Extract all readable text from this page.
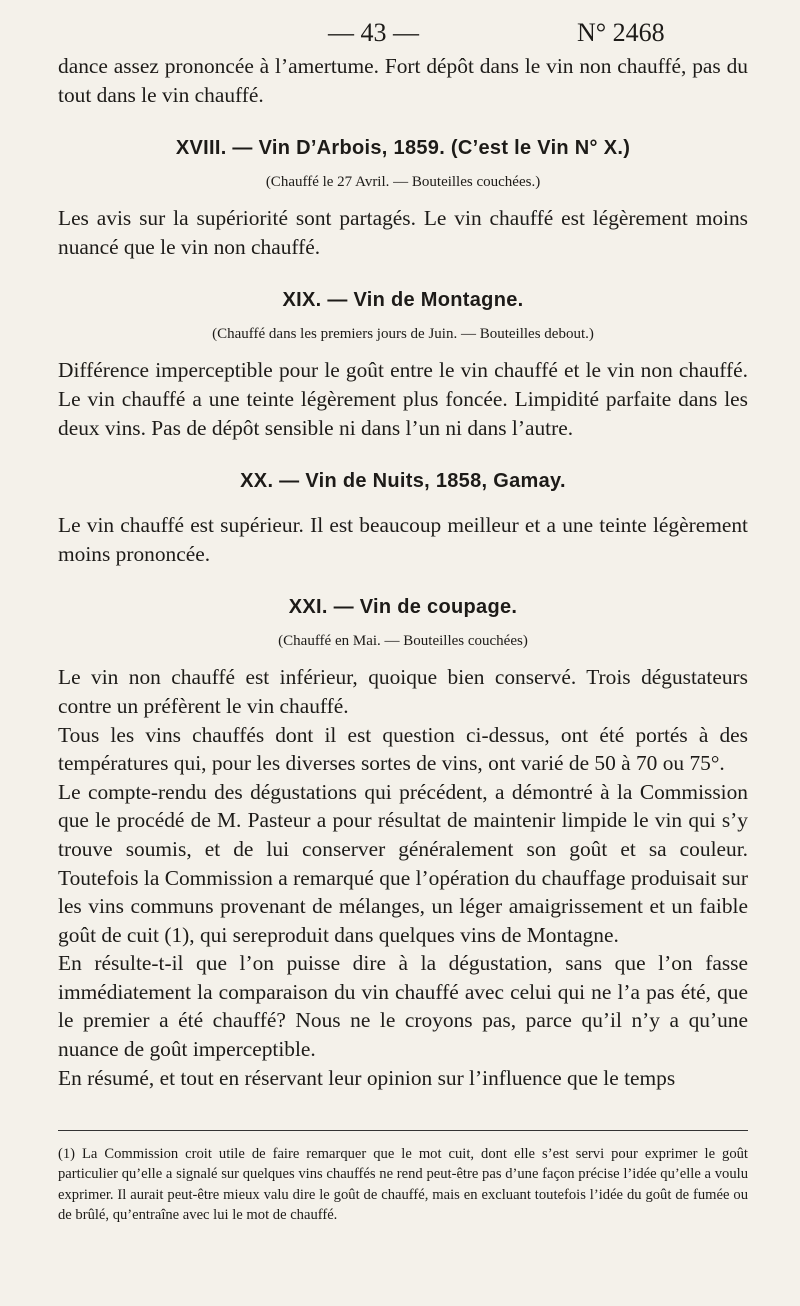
— 43 —	N° 2468

dance assez prononcée à l’amertume. Fort dépôt dans le vin non chauffé, pas du tout dans le vin chauffé.

XVIII. — Vin D’Arbois, 1859. (C’est le Vin N° X.)
(Chauffé le 27 Avril. — Bouteilles couchées.)

Les avis sur la supériorité sont partagés. Le vin chauffé est légèrement moins nuancé que le vin non chauffé.

XIX. — Vin de Montagne.
(Chauffé dans les premiers jours de Juin. — Bouteilles debout.)

Différence imperceptible pour le goût entre le vin chauffé et le vin non chauffé. Le vin chauffé a une teinte légèrement plus foncée. Limpidité parfaite dans les deux vins. Pas de dépôt sensible ni dans l’un ni dans l’autre.

XX. — Vin de Nuits, 1858, Gamay.

Le vin chauffé est supérieur. Il est beaucoup meilleur et a une teinte légèrement moins prononcée.

XXI. — Vin de coupage.
(Chauffé en Mai. — Bouteilles couchées)

Le vin non chauffé est inférieur, quoique bien conservé. Trois dégustateurs contre un préfèrent le vin chauffé.

Tous les vins chauffés dont il est question ci-dessus, ont été portés à des températures qui, pour les diverses sortes de vins, ont varié de 50 à 70 ou 75°.

Le compte-rendu des dégustations qui précédent, a démontré à la Commission que le procédé de M. Pasteur a pour résultat de maintenir limpide le vin qui s’y trouve soumis, et de lui conserver généralement son goût et sa couleur. Toutefois la Commission a remarqué que l’opération du chauffage produisait sur les vins communs provenant de mélanges, un léger amaigrissement et un faible goût de cuit (1), qui sereproduit dans quelques vins de Montagne.

En résulte-t-il que l’on puisse dire à la dégustation, sans que l’on fasse immédiatement la comparaison du vin chauffé avec celui qui ne l’a pas été, que le premier a été chauffé? Nous ne le croyons pas, parce qu’il n’y a qu’une nuance de goût imperceptible.

En résumé, et tout en réservant leur opinion sur l’influence que le temps

(1) La Commission croit utile de faire remarquer que le mot cuit, dont elle s’est servi pour exprimer le goût particulier qu’elle a signalé sur quelques vins chauffés ne rend peut-être pas d’une façon précise l’idée qu’elle a voulu exprimer. Il aurait peut-être mieux valu dire le goût de chauffé, mais en excluant toutefois l’idée du goût de fumée ou de brûlé, qu’entraîne avec lui le mot de chauffé.
